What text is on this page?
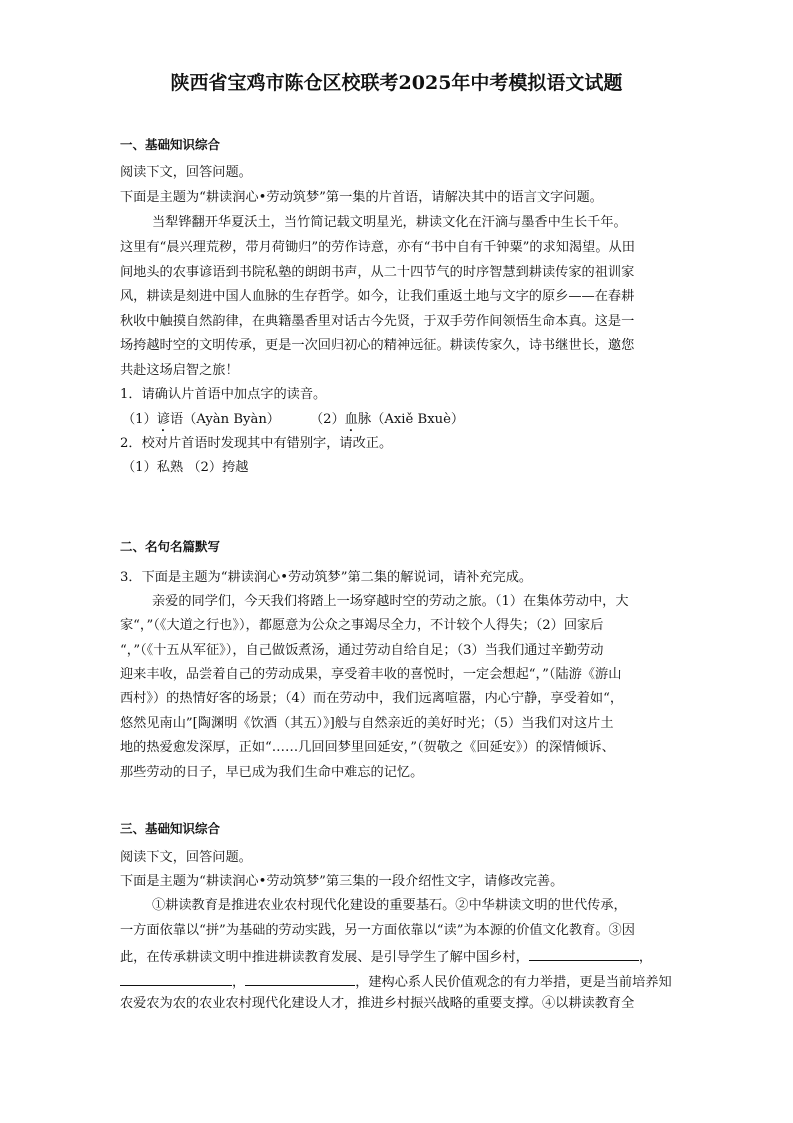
陕西省宝鸡市陈仓区校联考2025年中考模拟语文试题
一、基础知识综合
阅读下文，回答问题。
下面是主题为“耕读润心•劳动筑梦”第一集的片首语，请解决其中的语言文字问题。
当犁铧翻开华夏沃土，当竹简记载文明星光，耕读文化在汗滴与墨香中生长千年。
这里有“晨兴理荒秽，带月荷锄归”的劳作诗意，亦有“书中自有千钟粟”的求知渴望。从田
间地头的农事谚语到书院私塾的朗朗书声，从二十四节气的时序智慧到耕读传家的祖训家
风，耕读是刻进中国人血脉的生存哲学。如今，让我们重返土地与文字的原乡——在春耕
秋收中触摸自然韵律，在典籍墨香里对话古今先贤，于双手劳作间领悟生命本真。这是一
场挎越时空的文明传承，更是一次回归初心的精神远征。耕读传家久，诗书继世长，邀您
共赴这场启智之旅！
1．请确认片首语中加点字的读音。
（1）谚语（Ayàn Byàn） （2）血脉（Axiě Bxuè）
2．校对片首语时发现其中有错别字，请改正。
（1）私熟 （2）挎越
二、名句名篇默写
3．下面是主题为“耕读润心•劳动筑梦”第二集的解说词，请补充完成。
亲爱的同学们，今天我们将踏上一场穿越时空的劳动之旅。（1）在集体劳动中，大
家“，”（《大道之行也》），都愿意为公众之事竭尽全力，不计较个人得失；（2）回家后
“，”（《十五从军征》），自己做饭煮汤，通过劳动自给自足；（3）当我们通过辛勤劳动
迎来丰收，品尝着自己的劳动成果，享受着丰收的喜悦时，一定会想起“，”（陆游《游山
西村》）的热情好客的场景；（4）而在劳动中，我们远离喧嚣，内心宁静，享受着如“，
悠然见南山”[陶渊明《饮酒（其五）》]般与自然亲近的美好时光；（5）当我们对这片土
地的热爱愈发深厚，正如“……几回回梦里回延安，”（贺敬之《回延安》）的深情倾诉、
那些劳动的日子，早已成为我们生命中难忘的记忆。
三、基础知识综合
阅读下文，回答问题。
下面是主题为“耕读润心•劳动筑梦”第三集的一段介绍性文字，请修改完善。
①耕读教育是推进农业农村现代化建设的重要基石。②中华耕读文明的世代传承，
一方面依靠以“拼”为基础的劳动实践，另一方面依靠以“读”为本源的价值文化教育。③因
此，在传承耕读文明中推进耕读教育发展、是引导学生了解中国乡村，	，
，	，建构心系人民价值观念的有力举措，更是当前培养知
农爱农为农的农业农村现代化建设人才，推进乡村振兴战略的重要支撑。④以耕读教育全
